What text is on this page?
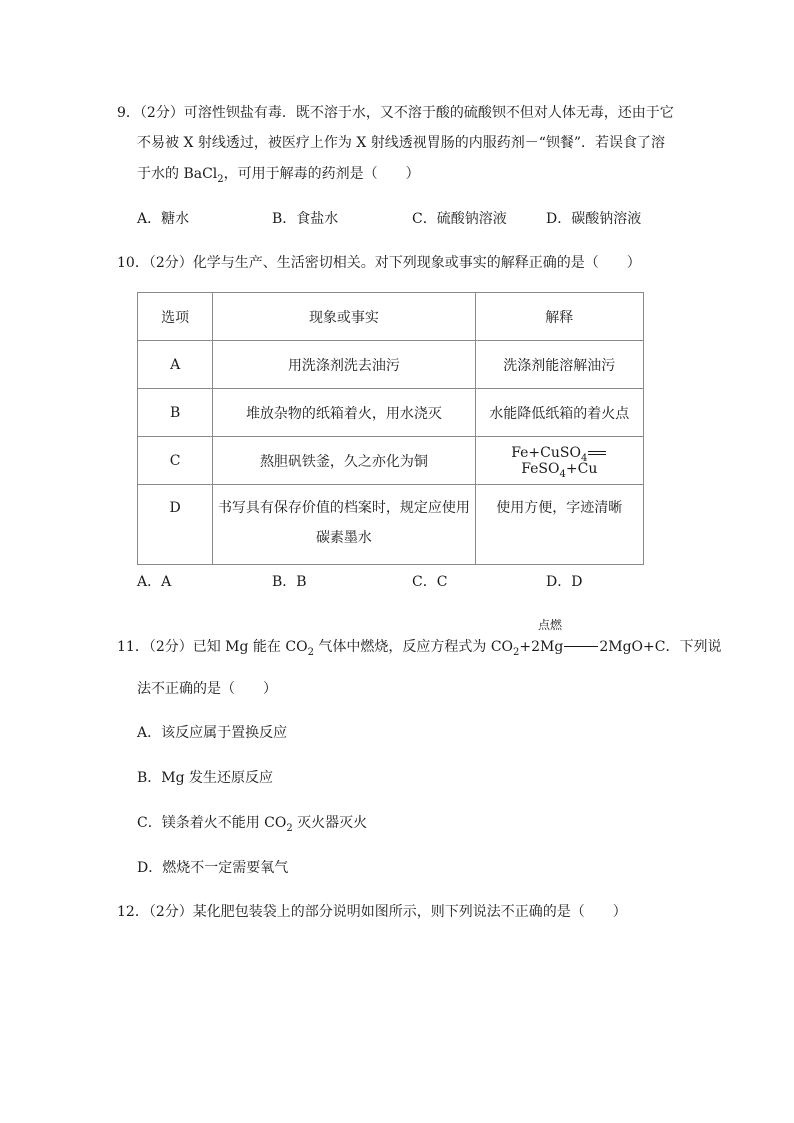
9．（2分）可溶性钡盐有毒．既不溶于水，又不溶于酸的硫酸钡不但对人体无毒，还由于它
不易被 X 射线透过，被医疗上作为 X 射线透视胃肠的内服药剂－“钡餐”．若误食了溶
于水的 BaCl$_2$，可用于解毒的药剂是（　　）
A．糖水	B．食盐水	C．硫酸钠溶液	D．碳酸钠溶液
10．（2分）化学与生产、生活密切相关。对下列现象或事实的解释正确的是（　　）
选项	现象或事实	解释
A	用洗涤剂洗去油污	洗涤剂能溶解油污
B	堆放杂物的纸箱着火，用水浇灭	水能降低纸箱的着火点
C	熬胆矾铁釜，久之亦化为铜	Fe+CuSO$_4$FeSO$_4$+Cu
D	书写具有保存价值的档案时，规定应使用碳素墨水	使用方便，字迹清晰
A．A	B．B	C．C	D．D
点燃
11．（2分）已知 Mg 能在 $CO_2$ 气体中燃烧，反应方程式为 $CO_2+2Mg$	2MgO+C．下列说
法不正确的是（　　）
A．该反应属于置换反应
B．Mg 发生还原反应
C．镁条着火不能用 $CO_2$ 灭火器灭火
D．燃烧不一定需要氧气
12．（2分）某化肥包装袋上的部分说明如图所示，则下列说法不正确的是（　　）
